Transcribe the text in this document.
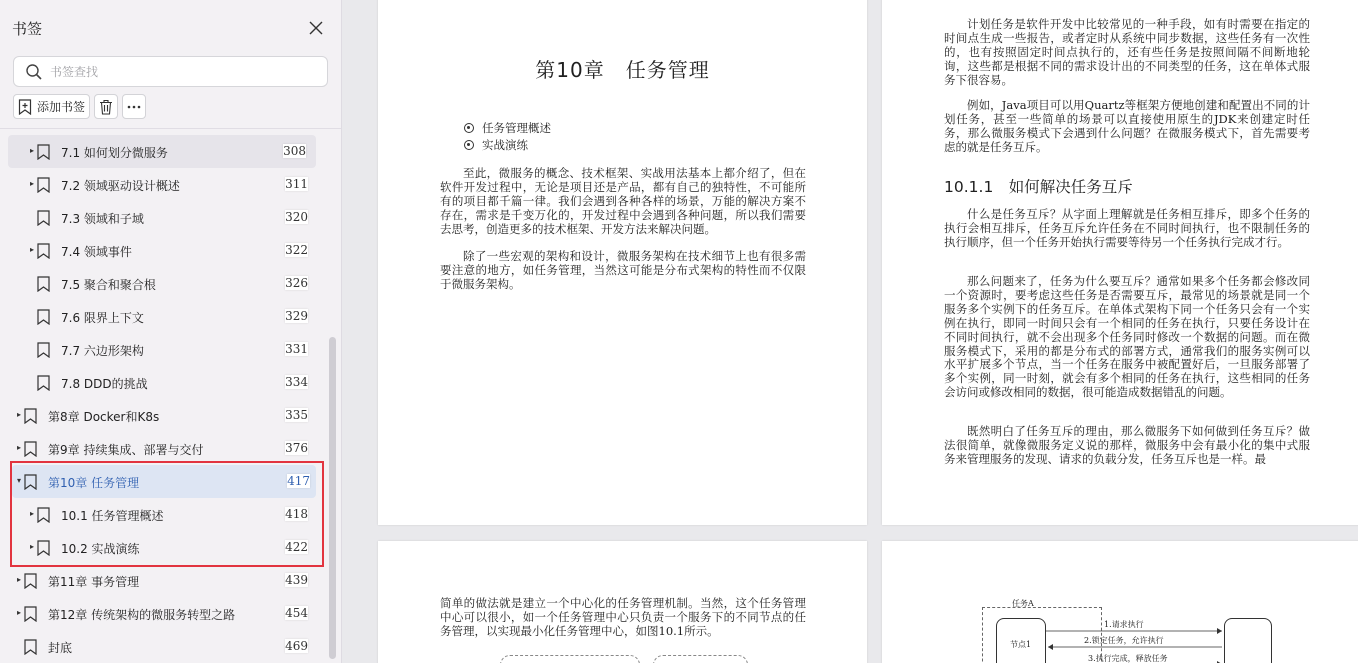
书签
书签查找
添加书签
▸ 7.1 如何划分微服务	308
▸ 7.2 领域驱动设计概述	311
7.3 领域和子域	320
▸ 7.4 领域事件	322
7.5 聚合和聚合根	326
7.6 限界上下文	329
7.7 六边形架构	331
7.8 DDD的挑战	334
▸ 第8章 Docker和K8s	335
▸ 第9章 持续集成、部署与交付	376
▾ 第10章 任务管理	417
▸ 10.1 任务管理概述	418
▸ 10.2 实战演练	422
▸ 第11章 事务管理	439
▸ 第12章 传统架构的微服务转型之路	454
封底	469
第10章　任务管理
任务管理概述
实战演练
至此，微服务的概念、技术框架、实战用法基本上都介绍了，但在软件开发过程中，无论是项目还是产品，都有自己的独特性，不可能所有的项目都千篇一律。我们会遇到各种各样的场景，万能的解决方案不存在，需求是千变万化的，开发过程中会遇到各种问题，所以我们需要去思考，创造更多的技术框架、开发方法来解决问题。
除了一些宏观的架构和设计，微服务架构在技术细节上也有很多需要注意的地方，如任务管理，当然这可能是分布式架构的特性而不仅限于微服务架构。
计划任务是软件开发中比较常见的一种手段，如有时需要在指定的时间点生成一些报告，或者定时从系统中同步数据，这些任务有一次性的，也有按照固定时间点执行的，还有些任务是按照间隔不间断地轮询，这些都是根据不同的需求设计出的不同类型的任务，这在单体式服务下很容易。
例如，Java项目可以用Quartz等框架方便地创建和配置出不同的计划任务，甚至一些简单的场景可以直接使用原生的JDK来创建定时任务，那么微服务模式下会遇到什么问题？在微服务模式下，首先需要考虑的就是任务互斥。
10.1.1　如何解决任务互斥
什么是任务互斥？从字面上理解就是任务相互排斥，即多个任务的执行会相互排斥，任务互斥允许任务在不同时间执行，也不限制任务的执行顺序，但一个任务开始执行需要等待另一个任务执行完成才行。
那么问题来了，任务为什么要互斥？通常如果多个任务都会修改同一个资源时，要考虑这些任务是否需要互斥，最常见的场景就是同一个服务多个实例下的任务互斥。在单体式架构下同一个任务只会有一个实例在执行，即同一时间只会有一个相同的任务在执行，只要任务设计在不同时间执行，就不会出现多个任务同时修改一个数据的问题。而在微服务模式下，采用的都是分布式的部署方式，通常我们的服务实例可以水平扩展多个节点，当一个任务在服务中被配置好后，一旦服务部署了多个实例，同一时刻，就会有多个相同的任务在执行，这些相同的任务会访问或修改相同的数据，很可能造成数据错乱的问题。
既然明白了任务互斥的理由，那么微服务下如何做到任务互斥？做法很简单，就像微服务定义说的那样，微服务中会有最小化的集中式服务来管理服务的发现、请求的负载分发，任务互斥也是一样。最
简单的做法就是建立一个中心化的任务管理机制。当然，这个任务管理中心可以很小，如一个任务管理中心只负责一个服务下的不同节点的任务管理，以实现最小化任务管理中心，如图10.1所示。
任务A
节点1
1.请求执行
2.锁定任务，允许执行
3.执行完成，释放任务
